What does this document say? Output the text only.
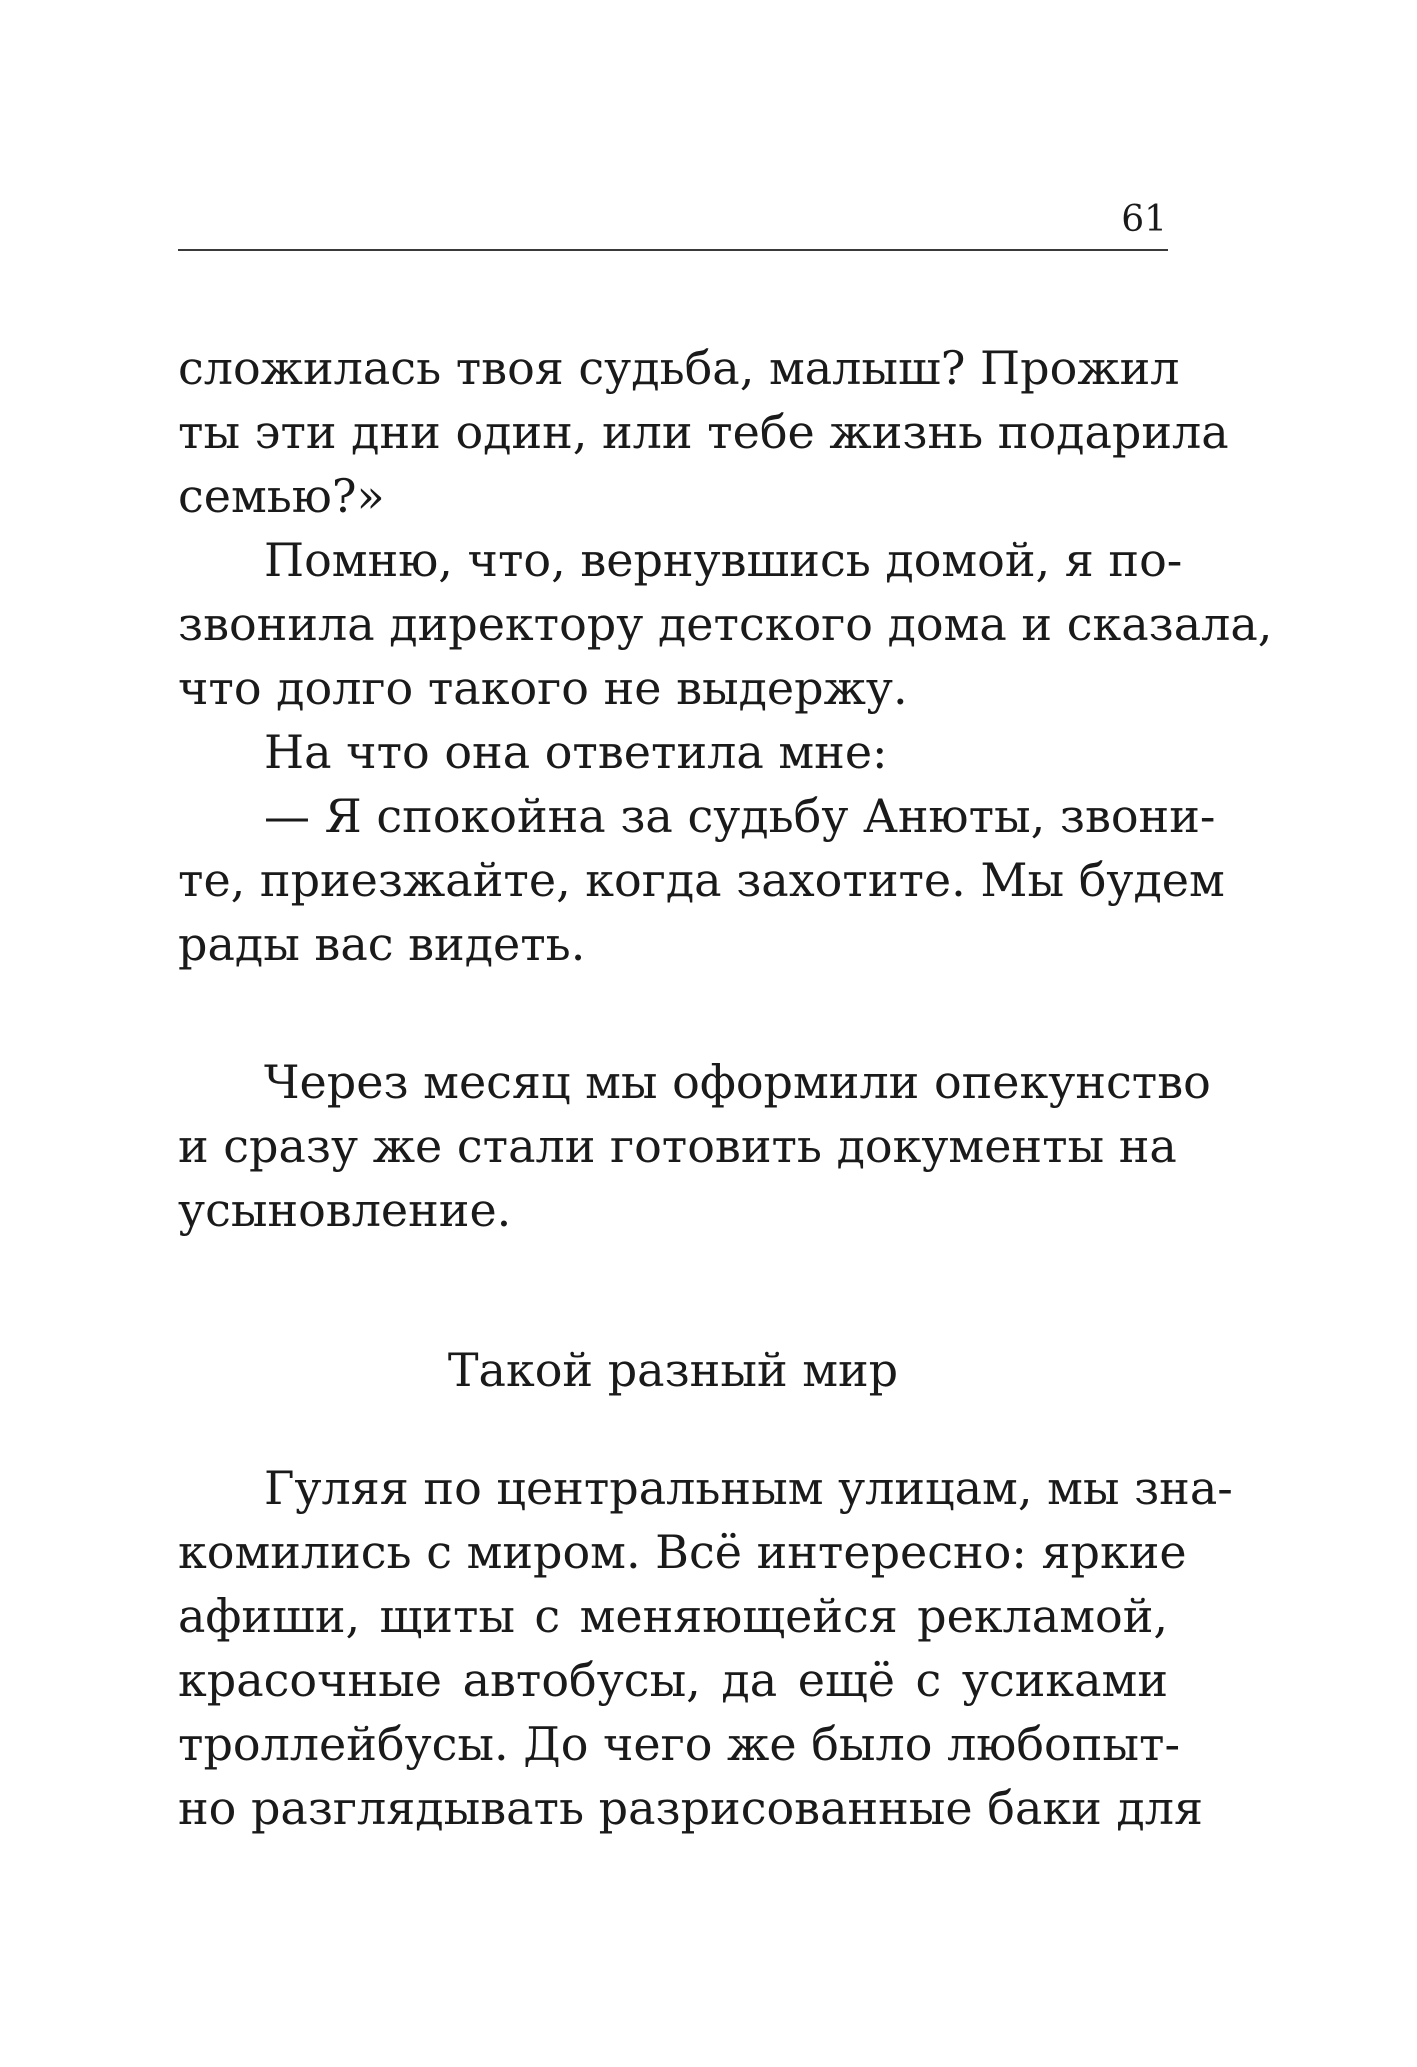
61
сложилась твоя судьба, малыш? Прожил
ты эти дни один, или тебе жизнь подарила
семью?»
Помню, что, вернувшись домой, я по-
звонила директору детского дома и сказала,
что долго такого не выдержу.
На что она ответила мне:
— Я спокойна за судьбу Анюты, звони-
те, приезжайте, когда захотите. Мы будем
рады вас видеть.
Через месяц мы оформили опекунство
и сразу же стали готовить документы на
усыновление.
Такой разный мир
Гуляя по центральным улицам, мы зна-
комились с миром. Всё интересно: яркие
афиши, щиты с меняющейся рекламой,
красочные автобусы, да ещё с усиками
троллейбусы. До чего же было любопыт-
но разглядывать разрисованные баки для
